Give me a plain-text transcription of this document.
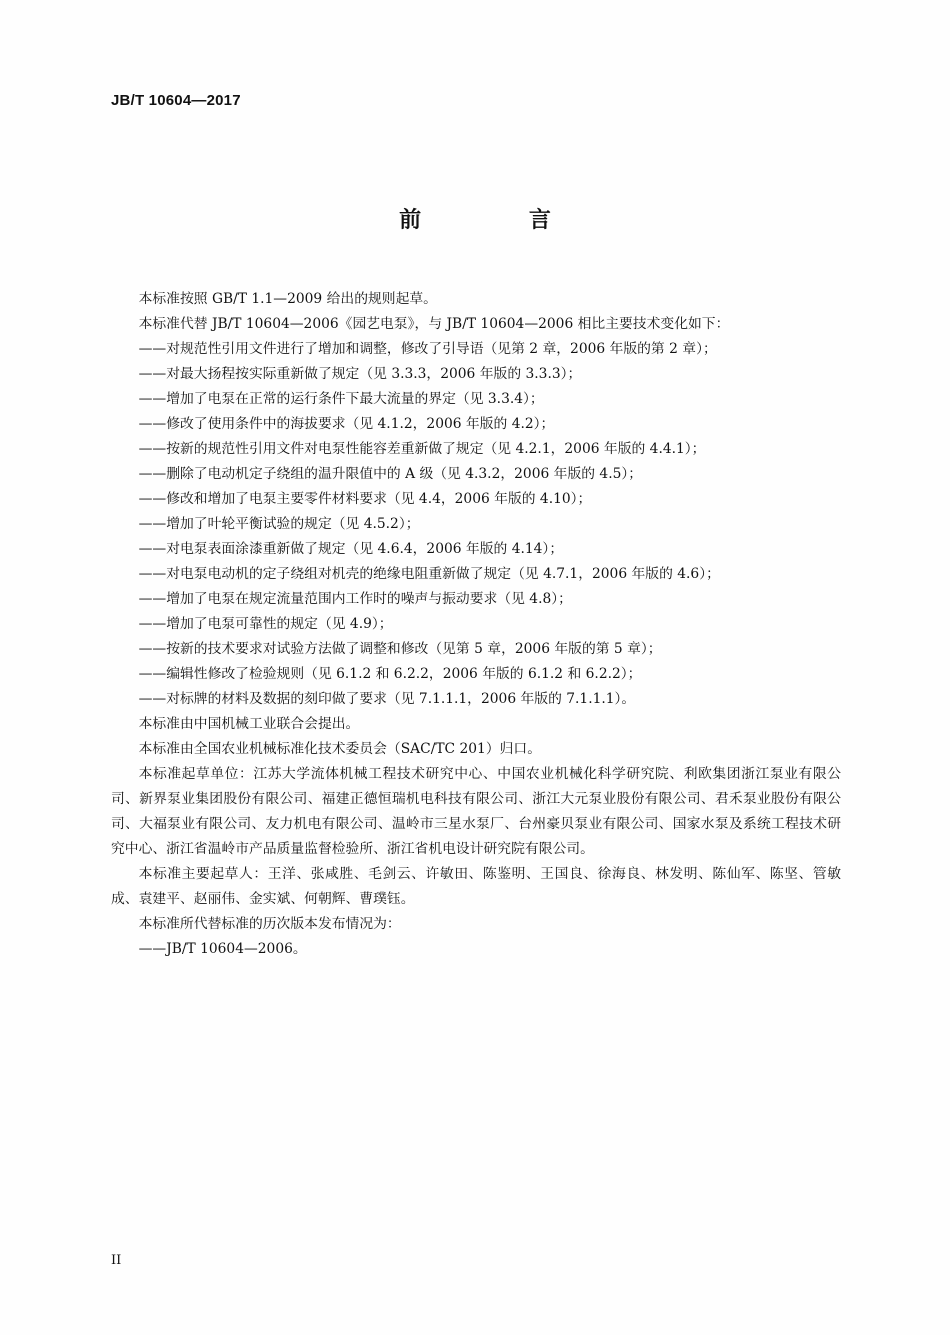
JB/T 10604—2017
前 言

本标准按照 GB/T 1.1—2009 给出的规则起草。

本标准代替 JB/T 10604—2006《园艺电泵》，与 JB/T 10604—2006 相比主要技术变化如下：

——对规范性引用文件进行了增加和调整，修改了引导语（见第 2 章，2006 年版的第 2 章）；

——对最大扬程按实际重新做了规定（见 3.3.3，2006 年版的 3.3.3）；

——增加了电泵在正常的运行条件下最大流量的界定（见 3.3.4）；

——修改了使用条件中的海拔要求（见 4.1.2，2006 年版的 4.2）；

——按新的规范性引用文件对电泵性能容差重新做了规定（见 4.2.1，2006 年版的 4.4.1）；

——删除了电动机定子绕组的温升限值中的 A 级（见 4.3.2，2006 年版的 4.5）；

——修改和增加了电泵主要零件材料要求（见 4.4，2006 年版的 4.10）；

——增加了叶轮平衡试验的规定（见 4.5.2）；

——对电泵表面涂漆重新做了规定（见 4.6.4，2006 年版的 4.14）；

——对电泵电动机的定子绕组对机壳的绝缘电阻重新做了规定（见 4.7.1，2006 年版的 4.6）；

——增加了电泵在规定流量范围内工作时的噪声与振动要求（见 4.8）；

——增加了电泵可靠性的规定（见 4.9）；

——按新的技术要求对试验方法做了调整和修改（见第 5 章，2006 年版的第 5 章）；

——编辑性修改了检验规则（见 6.1.2 和 6.2.2，2006 年版的 6.1.2 和 6.2.2）；

——对标牌的材料及数据的刻印做了要求（见 7.1.1.1，2006 年版的 7.1.1.1）。

本标准由中国机械工业联合会提出。

本标准由全国农业机械标准化技术委员会（SAC/TC 201）归口。

本标准起草单位：江苏大学流体机械工程技术研究中心、中国农业机械化科学研究院、利欧集团浙江泵业有限公司、新界泵业集团股份有限公司、福建正德恒瑞机电科技有限公司、浙江大元泵业股份有限公司、君禾泵业股份有限公司、大福泵业有限公司、友力机电有限公司、温岭市三星水泵厂、台州豪贝泵业有限公司、国家水泵及系统工程技术研究中心、浙江省温岭市产品质量监督检验所、浙江省机电设计研究院有限公司。

本标准主要起草人：王洋、张咸胜、毛剑云、许敏田、陈鉴明、王国良、徐海良、林发明、陈仙军、陈坚、管敏成、袁建平、赵丽伟、金实斌、何朝辉、曹璞钰。

本标准所代替标准的历次版本发布情况为：

——JB/T 10604—2006。

II
